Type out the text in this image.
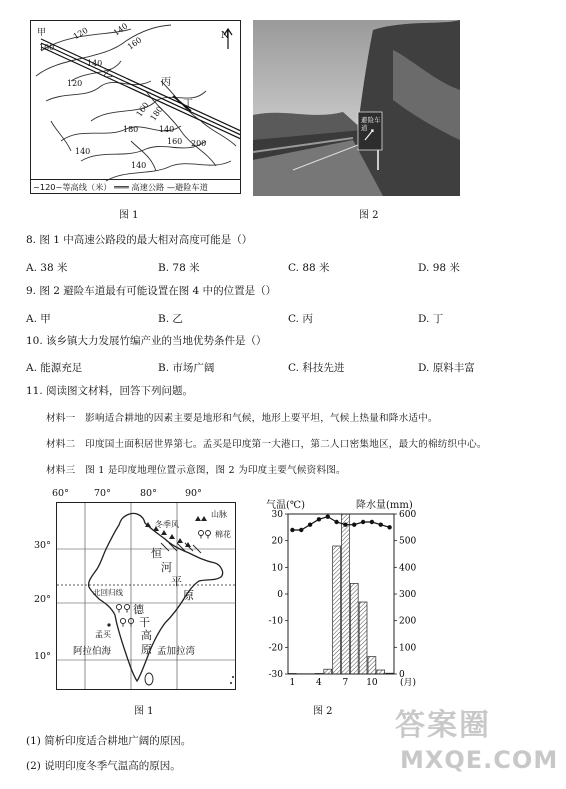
N
甲
丙
丁
乙
100
120	140
160
140
120
160
180
180	140
160 200
140
140
~120~等高线（米） ═══ 高速公路 —避险车道
图 1
避险车道
图 2
8. 图 1 中高速公路段的最大相对高度可能是（）
A. 38 米	B. 78 米	C. 88 米	D. 98 米
9. 图 2 避险车道最有可能设置在图 4 中的位置是（）
A. 甲	B. 乙	C. 丙	D. 丁
10. 该乡镇大力发展竹编产业的当地优势条件是（）
A. 能源充足	B. 市场广阔	C. 科技先进	D. 原料丰富
11. 阅读图文材料，回答下列问题。
材料一　影响适合耕地的因素主要是地形和气候，地形上要平坦，气候上热量和降水适中。
材料二　印度国土面积居世界第七。孟买是印度第一大港口，第二人口密集地区，最大的棉纺织中心。
材料三　图 1 是印度地理位置示意图，图 2 为印度主要气候资料图。
60°	70°	80°	90°
30°
20°
10°
冬季风
山脉
棉花
恒
河
平
原
北回归线
德
干
高
原
孟买
阿拉伯海	孟加拉湾
图 1
气温(℃)	降水量(mm)
30
20
10
0
-10
-20
-30
600
500
400
300
200
100
0
1 4 7 10 (月)
图 2
(1) 简析印度适合耕地广阔的原因。
(2) 说明印度冬季气温高的原因。
答案圈
MXQE.COM
